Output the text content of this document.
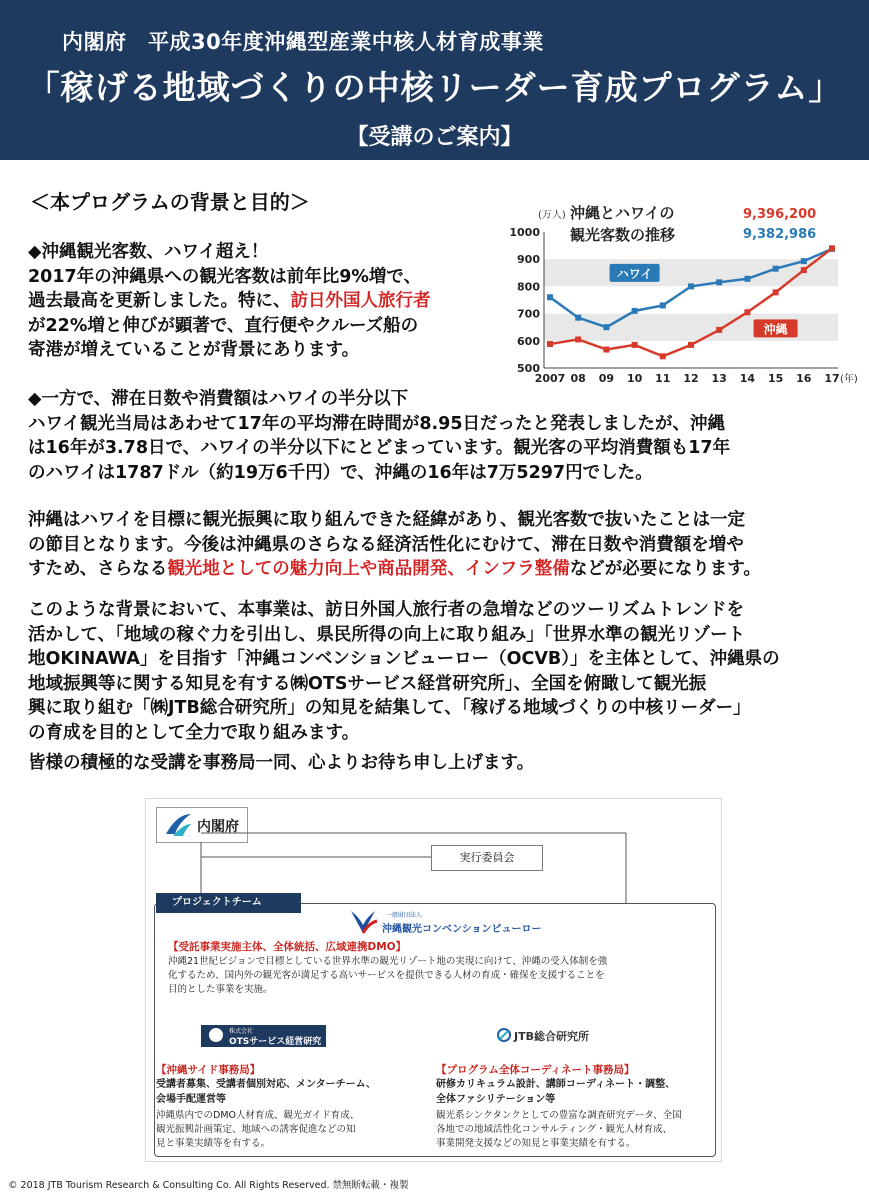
内閣府　平成30年度沖縄型産業中核人材育成事業
「稼げる地域づくりの中核リーダー育成プログラム」
【受講のご案内】
＜本プログラムの背景と目的＞
◆沖縄観光客数、ハワイ超え！
2017年の沖縄県への観光客数は前年比9%増で、
過去最高を更新しました。特に、訪日外国人旅行者
が22%増と伸びが顕著で、直行便やクルーズ船の
寄港が増えていることが背景にあります。
◆一方で、滞在日数や消費額はハワイの半分以下
ハワイ観光当局はあわせて17年の平均滞在時間が8.95日だったと発表しましたが、沖縄
は16年が3.78日で、ハワイの半分以下にとどまっています。観光客の平均消費額も17年
のハワイは1787ドル（約19万6千円）で、沖縄の16年は7万5297円でした。
沖縄はハワイを目標に観光振興に取り組んできた経緯があり、観光客数で抜いたことは一定
の節目となります。今後は沖縄県のさらなる経済活性化にむけて、滞在日数や消費額を増や
すため、さらなる観光地としての魅力向上や商品開発、インフラ整備などが必要になります。
このような背景において、本事業は、訪日外国人旅行者の急増などのツーリズムトレンドを
活かして、「地域の稼ぐ力を引出し、県民所得の向上に取り組み」「世界水準の観光リゾート
地OKINAWA」を目指す「沖縄コンベンションビューロー（OCVB）」を主体として、沖縄県の
地域振興等に関する知見を有する㈱OTSサービス経営研究所」、全国を俯瞰して観光振
興に取り組む「㈱JTB総合研究所」の知見を結集して、「稼げる地域づくりの中核リーダー」
の育成を目的として全力で取り組みます。
皆様の積極的な受講を事務局一同、心よりお待ち申し上げます。
(万人) 沖縄とハワイの
観光客数の推移
9,396,200
9,382,986
500
600
700
800
900
1000
2007 08 09 10 11 12 13 14 15 16 17 (年)
ハワイ
沖縄
内閣府
実行委員会
プロジェクトチーム
一般財団法人
沖縄観光コンベンションビューロー
【受託事業実施主体、全体統括、広域連携DMO】
沖縄21世紀ビジョンで目標としている世界水準の観光リゾート地の実現に向けて、沖縄の受入体制を強
化するため、国内外の観光客が満足する高いサービスを提供できる人材の育成・確保を支援することを
目的とした事業を実施。
株式会社
OTSサービス経営研究所
JTB総合研究所
【沖縄サイド事務局】
受講者募集、受講者個別対応、メンターチーム、
会場手配運営等
沖縄県内でのDMO人材育成、観光ガイド育成、
観光振興計画策定、地域への誘客促進などの知
見と事業実績等を有する。
【プログラム全体コーディネート事務局】
研修カリキュラム設計、講師コーディネート・調整、
全体ファシリテーション等
観光系シンクタンクとしての豊富な調査研究データ、全国
各地での地域活性化コンサルティング・観光人材育成、
事業開発支援などの知見と事業実績を有する。
© 2018 JTB Tourism Research & Consulting Co. All Rights Reserved. 禁無断転載・複製
